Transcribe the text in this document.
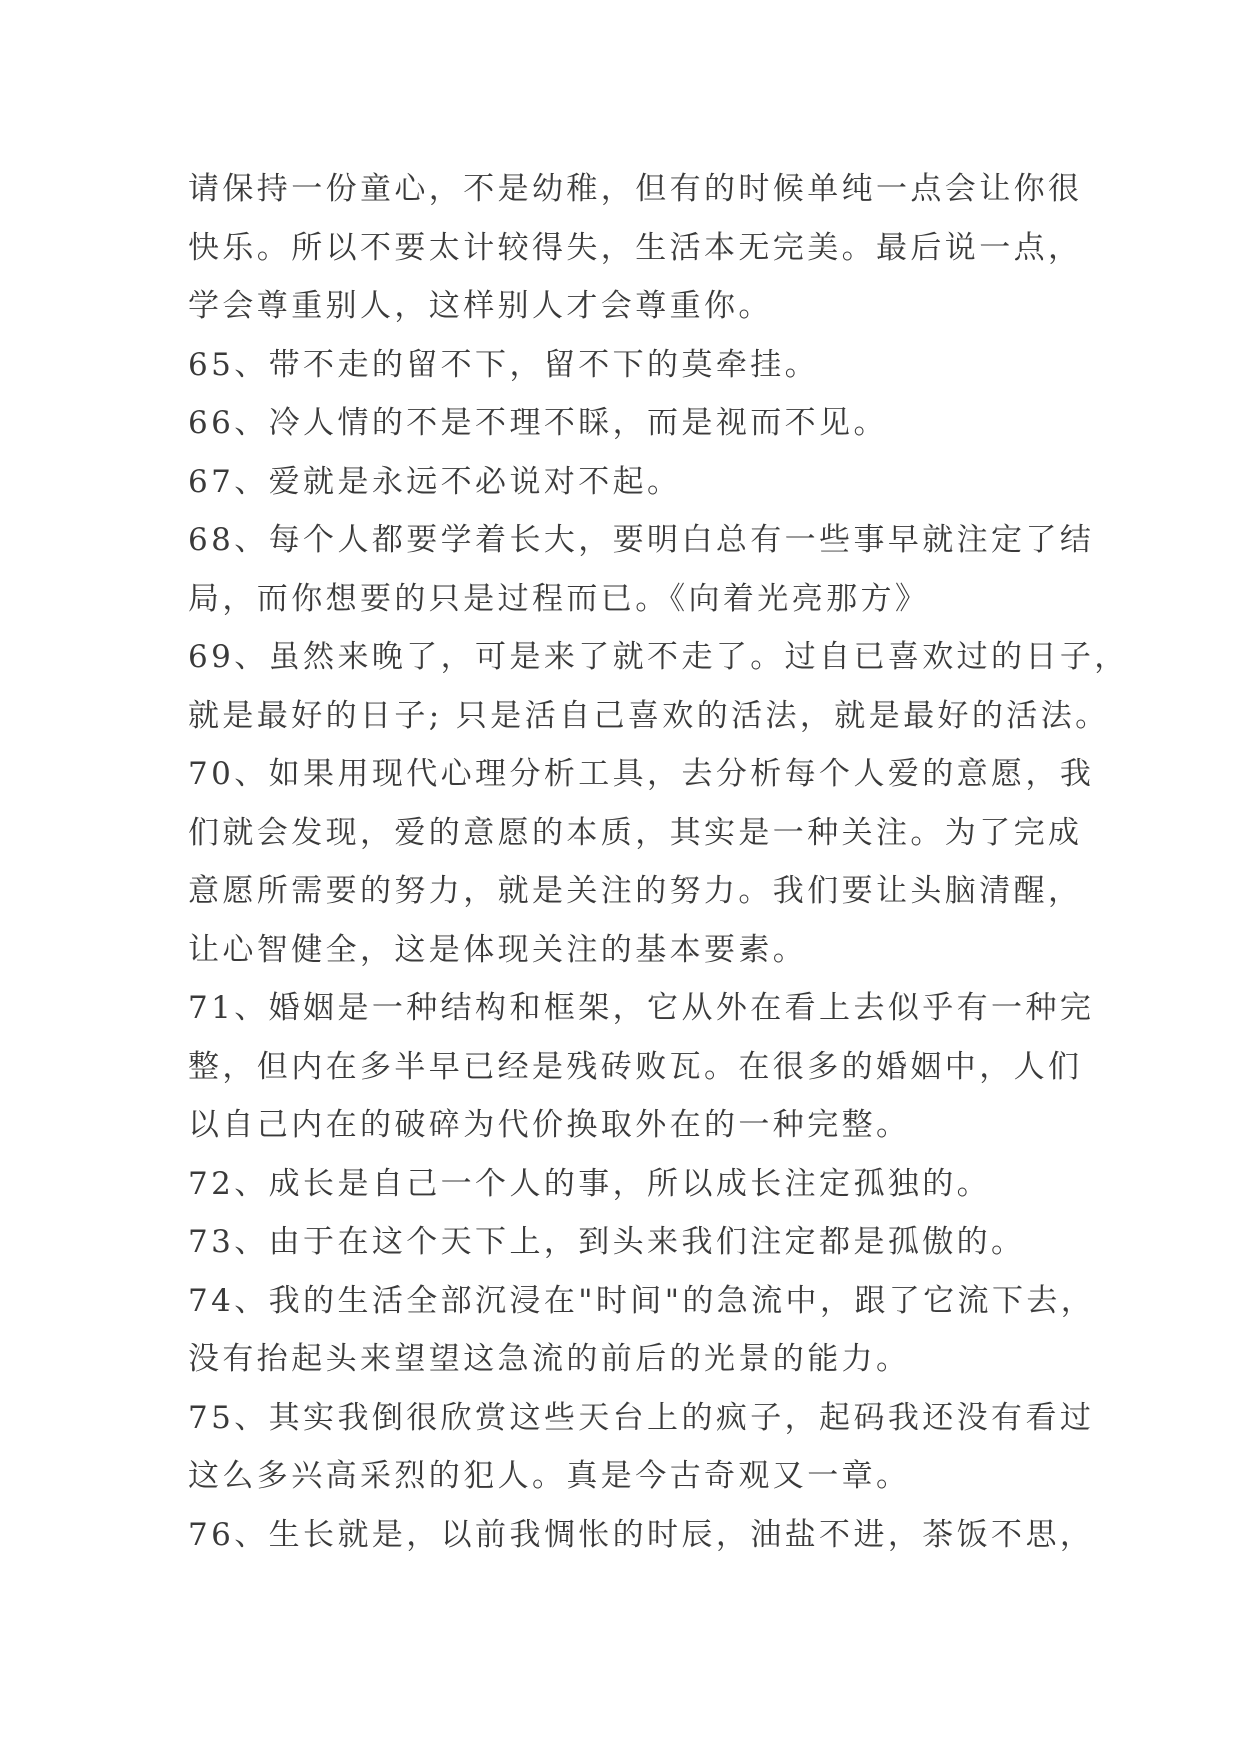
请保持一份童心，不是幼稚，但有的时候单纯一点会让你很
快乐。所以不要太计较得失，生活本无完美。最后说一点，
学会尊重别人，这样别人才会尊重你。
65、带不走的留不下，留不下的莫牵挂。
66、冷人情的不是不理不睬，而是视而不见。
67、爱就是永远不必说对不起。
68、每个人都要学着长大，要明白总有一些事早就注定了结
局，而你想要的只是过程而已。《向着光亮那方》
69、虽然来晚了，可是来了就不走了。过自已喜欢过的日子，
就是最好的日子; 只是活自己喜欢的活法，就是最好的活法。
70、如果用现代心理分析工具，去分析每个人爱的意愿，我
们就会发现，爱的意愿的本质，其实是一种关注。为了完成
意愿所需要的努力，就是关注的努力。我们要让头脑清醒，
让心智健全，这是体现关注的基本要素。
71、婚姻是一种结构和框架，它从外在看上去似乎有一种完
整，但内在多半早已经是残砖败瓦。在很多的婚姻中，人们
以自己内在的破碎为代价换取外在的一种完整。
72、成长是自己一个人的事，所以成长注定孤独的。
73、由于在这个天下上，到头来我们注定都是孤傲的。
74、我的生活全部沉浸在"时间"的急流中，跟了它流下去，
没有抬起头来望望这急流的前后的光景的能力。
75、其实我倒很欣赏这些天台上的疯子，起码我还没有看过
这么多兴高采烈的犯人。真是今古奇观又一章。
76、生长就是，以前我惆怅的时辰，油盐不进，茶饭不思，
